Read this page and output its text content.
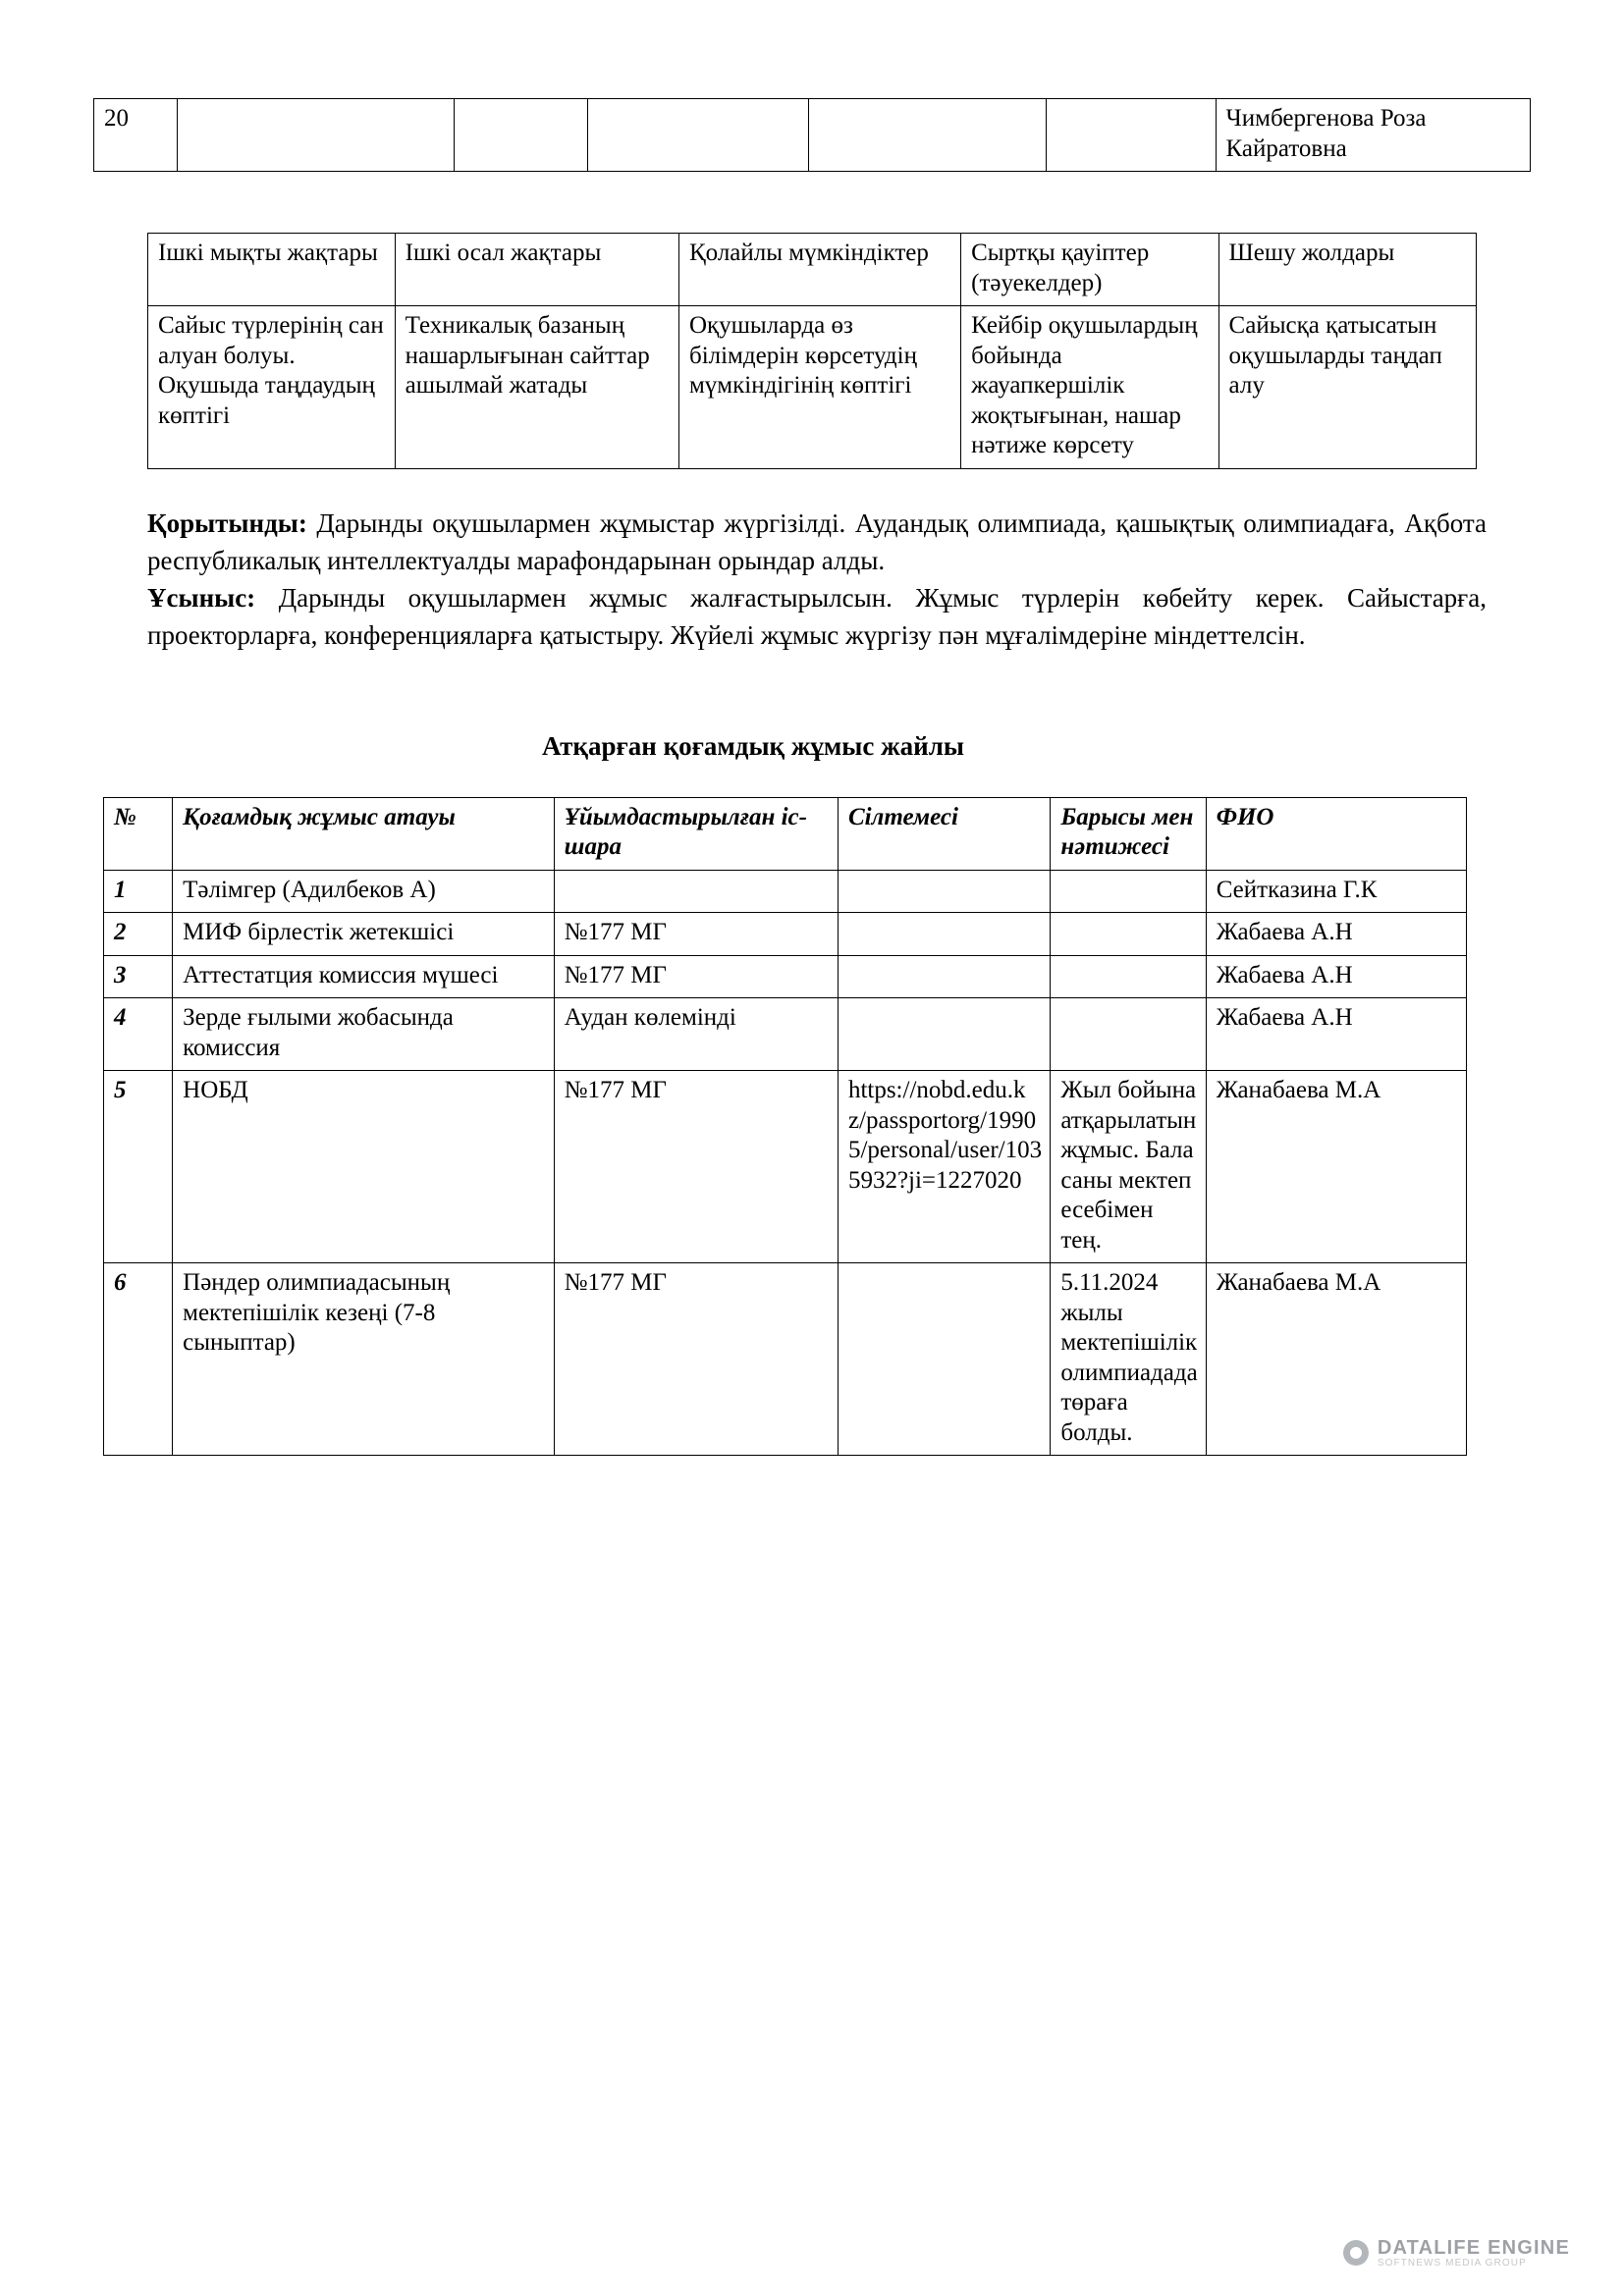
20						Чимбергенова Роза Кайратовна
Ішкі мықты жақтары	Ішкі осал жақтары	Қолайлы мүмкіндіктер	Сыртқы қауіптер (тәуекелдер)	Шешу жолдары
Сайыс түрлерінің сан алуан болуы. Оқушыда таңдаудың көптігі	Техникалық базаның нашарлығынан сайттар ашылмай жатады	Оқушыларда өз білімдерін көрсетудің мүмкіндігінің көптігі	Кейбір оқушылардың бойында жауапкершілік жоқтығынан, нашар нәтиже көрсету	Сайысқа қатысатын оқушыларды таңдап алу

Қорытынды: Дарынды оқушылармен жұмыстар жүргізілді. Аудандық олимпиада, қашықтық олимпиадаға, Ақбота республикалық интеллектуалды марафондарынан орындар алды.

Ұсыныс: Дарынды оқушылармен жұмыс жалғастырылсын. Жұмыс түрлерін көбейту керек. Сайыстарға, проекторларға, конференцияларға қатыстыру. Жүйелі жұмыс жүргізу пән мұғалімдеріне міндеттелсін.

Атқарған қоғамдық жұмыс жайлы
№	Қоғамдық жұмыс атауы	Ұйымдастырылған іс-шара	Сілтемесі	Барысы мен нәтижесі	ФИО
1	Тәлімгер (Адилбеков А)				Сейтказина Г.К
2	МИФ бірлестік жетекшісі	№177 МГ			Жабаева А.Н
3	Аттестатция комиссия мүшесі	№177 МГ			Жабаева А.Н
4	Зерде ғылыми жобасында комиссия	Аудан көлемінді			Жабаева А.Н
5	НОБД	№177 МГ	https://nobd.edu.kz/passportorg/19905/personal/user/1035932?ji=1227020	Жыл бойына атқарылатын жұмыс. Бала саны мектеп есебімен тең.	Жанабаева М.А
6	Пәндер олимпиадасының мектепішілік кезеңі (7-8 сыныптар)	№177 МГ		5.11.2024 жылы мектепішілік олимпиадада төраға болды.	Жанабаева М.А
DATALIFE ENGINE
SOFTNEWS MEDIA GROUP
